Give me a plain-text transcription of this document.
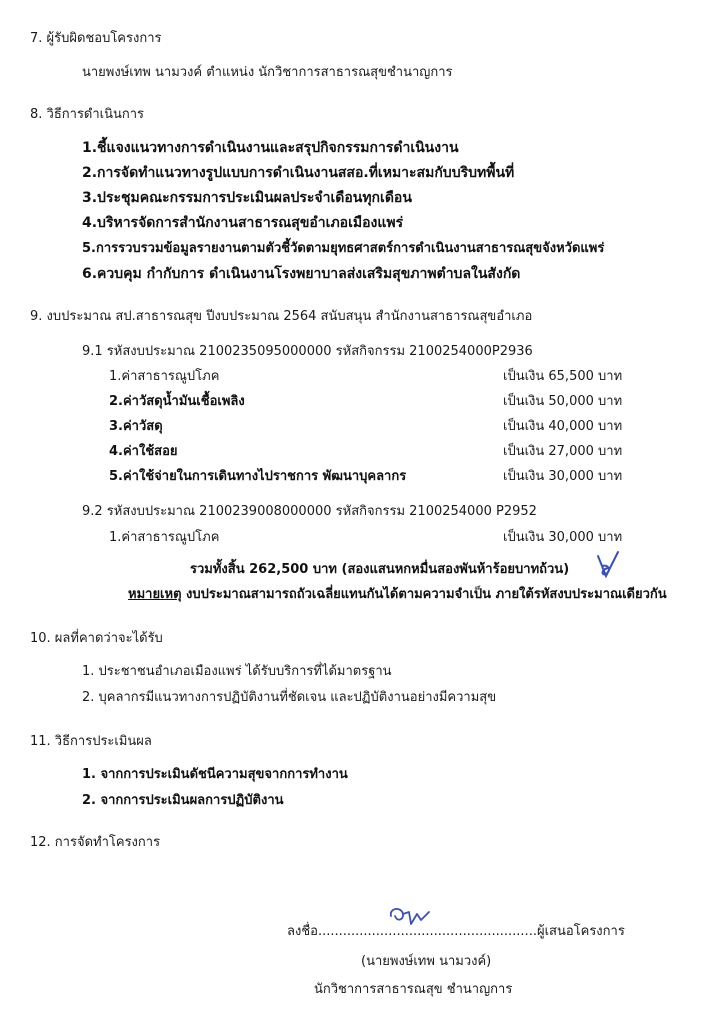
7. ผู้รับผิดชอบโครงการ
นายพงษ์เทพ นามวงค์ ตำแหน่ง นักวิชาการสาธารณสุขชำนาญการ
8. วิธีการดำเนินการ
1.ชี้แจงแนวทางการดำเนินงานและสรุปกิจกรรมการดำเนินงาน
2.การจัดทำแนวทางรูปแบบการดำเนินงานสสอ.ที่เหมาะสมกับบริบทพื้นที่
3.ประชุมคณะกรรมการประเมินผลประจำเดือนทุกเดือน
4.บริหารจัดการสำนักงานสาธารณสุขอำเภอเมืองแพร่
5.การรวบรวมข้อมูลรายงานตามตัวชี้วัดตามยุทธศาสตร์การดำเนินงานสาธารณสุขจังหวัดแพร่
6.ควบคุม กำกับการ ดำเนินงานโรงพยาบาลส่งเสริมสุขภาพตำบลในสังกัด
9. งบประมาณ สป.สาธารณสุข ปีงบประมาณ 2564 สนับสนุน สำนักงานสาธารณสุขอำเภอ
9.1 รหัสงบประมาณ 2100235095000000 รหัสกิจกรรม 2100254000P2936
1.ค่าสาธารณูปโภค	เป็นเงิน 65,500 บาท
2.ค่าวัสดุน้ำมันเชื้อเพลิง	เป็นเงิน 50,000 บาท
3.ค่าวัสดุ	เป็นเงิน 40,000 บาท
4.ค่าใช้สอย	เป็นเงิน 27,000 บาท
5.ค่าใช้จ่ายในการเดินทางไปราชการ พัฒนาบุคลากร	เป็นเงิน 30,000 บาท
9.2 รหัสงบประมาณ 2100239008000000 รหัสกิจกรรม 2100254000 P2952
1.ค่าสาธารณูปโภค	เป็นเงิน 30,000 บาท
รวมทั้งสิ้น 262,500 บาท (สองแสนหกหมื่นสองพันห้าร้อยบาทถ้วน)
หมายเหตุ งบประมาณสามารถถัวเฉลี่ยแทนกันได้ตามความจำเป็น ภายใต้รหัสงบประมาณเดียวกัน
10. ผลที่คาดว่าจะได้รับ
1. ประชาชนอำเภอเมืองแพร่ ได้รับบริการที่ได้มาตรฐาน
2. บุคลากรมีแนวทางการปฏิบัติงานที่ชัดเจน และปฏิบัติงานอย่างมีความสุข
11. วิธีการประเมินผล
1. จากการประเมินดัชนีความสุขจากการทำงาน
2. จากการประเมินผลการปฏิบัติงาน
12. การจัดทำโครงการ
ลงชื่อ.....................................................ผู้เสนอโครงการ
(นายพงษ์เทพ นามวงค์)
นักวิชาการสาธารณสุข ชำนาญการ
